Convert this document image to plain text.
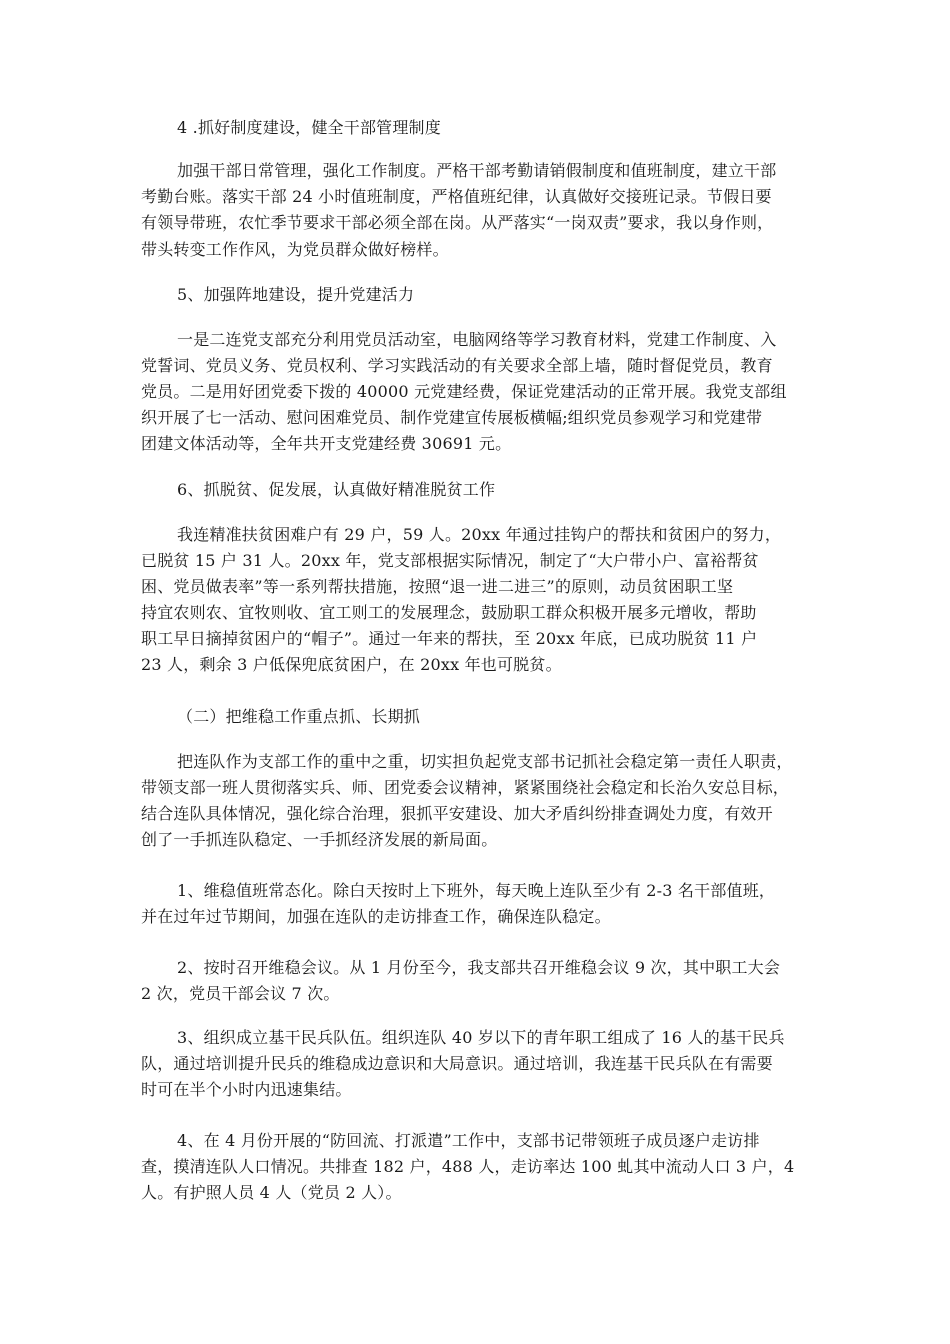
4 .抓好制度建设，健全干部管理制度
加强干部日常管理，强化工作制度。严格干部考勤请销假制度和值班制度，建立干部
考勤台账。落实干部 24 小时值班制度，严格值班纪律，认真做好交接班记录。节假日要
有领导带班，农忙季节要求干部必须全部在岗。从严落实“一岗双责”要求，我以身作则，
带头转变工作作风，为党员群众做好榜样。
5、加强阵地建设，提升党建活力
一是二连党支部充分利用党员活动室，电脑网络等学习教育材料，党建工作制度、入
党誓词、党员义务、党员权利、学习实践活动的有关要求全部上墙，随时督促党员，教育
党员。二是用好团党委下拨的 40000 元党建经费，保证党建活动的正常开展。我党支部组
织开展了七一活动、慰问困难党员、制作党建宣传展板横幅;组织党员参观学习和党建带
团建文体活动等，全年共开支党建经费 30691 元。
6、抓脱贫、促发展，认真做好精准脱贫工作
我连精准扶贫困难户有 29 户，59 人。20xx 年通过挂钩户的帮扶和贫困户的努力，
已脱贫 15 户 31 人。20xx 年，党支部根据实际情况，制定了“大户带小户、富裕帮贫
困、党员做表率”等一系列帮扶措施，按照“退一进二进三”的原则，动员贫困职工坚
持宜农则农、宜牧则收、宜工则工的发展理念，鼓励职工群众积极开展多元增收，帮助
职工早日摘掉贫困户的“帽子”。通过一年来的帮扶，至 20xx 年底，已成功脱贫 11 户
23 人，剩余 3 户低保兜底贫困户，在 20xx 年也可脱贫。
（二）把维稳工作重点抓、长期抓
把连队作为支部工作的重中之重，切实担负起党支部书记抓社会稳定第一责任人职责，
带领支部一班人贯彻落实兵、师、团党委会议精神，紧紧围绕社会稳定和长治久安总目标，
结合连队具体情况，强化综合治理，狠抓平安建设、加大矛盾纠纷排查调处力度，有效开
创了一手抓连队稳定、一手抓经济发展的新局面。
1、维稳值班常态化。除白天按时上下班外，每天晚上连队至少有 2-3 名干部值班，
并在过年过节期间，加强在连队的走访排查工作，确保连队稳定。
2、按时召开维稳会议。从 1 月份至今，我支部共召开维稳会议 9 次，其中职工大会
2 次，党员干部会议 7 次。
3、组织成立基干民兵队伍。组织连队 40 岁以下的青年职工组成了 16 人的基干民兵
队，通过培训提升民兵的维稳成边意识和大局意识。通过培训，我连基干民兵队在有需要
时可在半个小时内迅速集结。
4、在 4 月份开展的“防回流、打派遣”工作中，支部书记带领班子成员逐户走访排
查，摸清连队人口情况。共排查 182 户，488 人，走访率达 100 虬其中流动人口 3 户，4
人。有护照人员 4 人（党员 2 人）。
